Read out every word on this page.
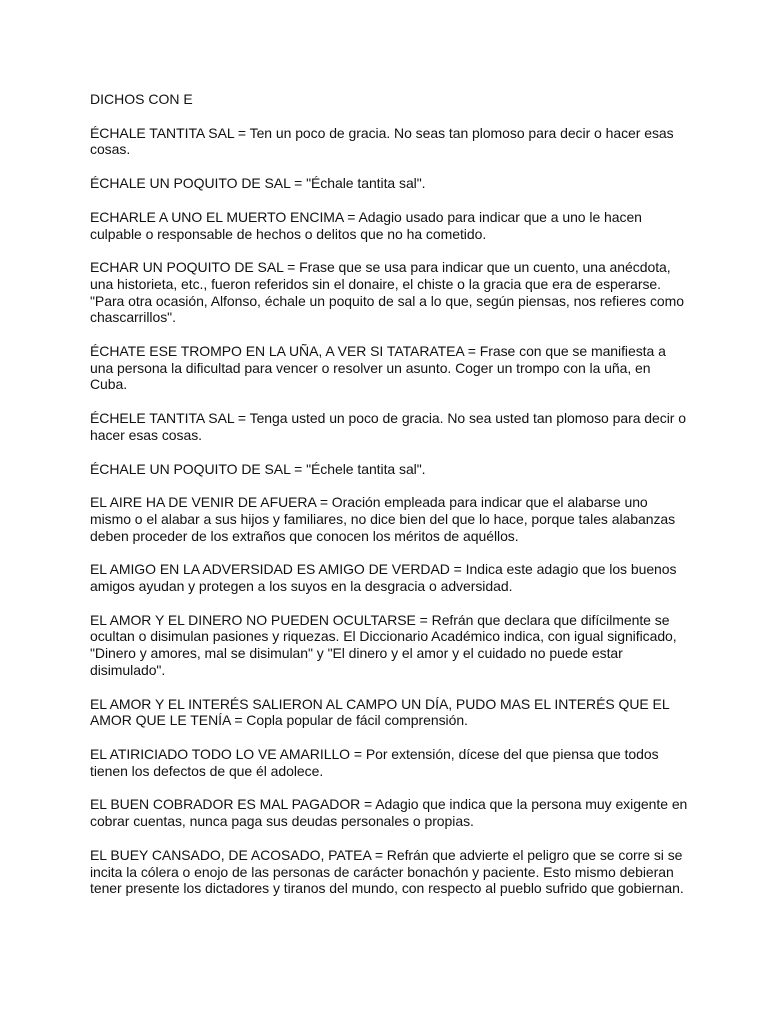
DICHOS CON E

ÉCHALE TANTITA SAL = Ten un poco de gracia. No seas tan plomoso para decir o hacer esas cosas.

ÉCHALE UN POQUITO DE SAL = "Échale tantita sal".

ECHARLE A UNO EL MUERTO ENCIMA = Adagio usado para indicar que a uno le hacen culpable o responsable de hechos o delitos que no ha cometido.

ECHAR UN POQUITO DE SAL = Frase que se usa para indicar que un cuento, una anécdota, una historieta, etc., fueron referidos sin el donaire, el chiste o la gracia que era de esperarse. "Para otra ocasión, Alfonso, échale un poquito de sal a lo que, según piensas, nos refieres como chascarrillos".

ÉCHATE ESE TROMPO EN LA UÑA, A VER SI TATARATEA = Frase con que se manifiesta a una persona la dificultad para vencer o resolver un asunto. Coger un trompo con la uña, en Cuba.

ÉCHELE TANTITA SAL = Tenga usted un poco de gracia. No sea usted tan plomoso para decir o hacer esas cosas.

ÉCHALE UN POQUITO DE SAL = "Échele tantita sal".

EL AIRE HA DE VENIR DE AFUERA = Oración empleada para indicar que el alabarse uno mismo o el alabar a sus hijos y familiares, no dice bien del que lo hace, porque tales alabanzas deben proceder de los extraños que conocen los méritos de aquéllos.

EL AMIGO EN LA ADVERSIDAD ES AMIGO DE VERDAD = Indica este adagio que los buenos amigos ayudan y protegen a los suyos en la desgracia o adversidad.

EL AMOR Y EL DINERO NO PUEDEN OCULTARSE = Refrán que declara que difícilmente se ocultan o disimulan pasiones y riquezas. El Diccionario Académico indica, con igual significado, "Dinero y amores, mal se disimulan" y "El dinero y el amor y el cuidado no puede estar disimulado".

EL AMOR Y EL INTERÉS SALIERON AL CAMPO UN DÍA, PUDO MAS EL INTERÉS QUE EL AMOR QUE LE TENÍA = Copla popular de fácil comprensión.

EL ATIRICIADO TODO LO VE AMARILLO = Por extensión, dícese del que piensa que todos tienen los defectos de que él adolece.

EL BUEN COBRADOR ES MAL PAGADOR = Adagio que indica que la persona muy exigente en cobrar cuentas, nunca paga sus deudas personales o propias.

EL BUEY CANSADO, DE ACOSADO, PATEA = Refrán que advierte el peligro que se corre si se incita la cólera o enojo de las personas de carácter bonachón y paciente. Esto mismo debieran tener presente los dictadores y tiranos del mundo, con respecto al pueblo sufrido que gobiernan.
